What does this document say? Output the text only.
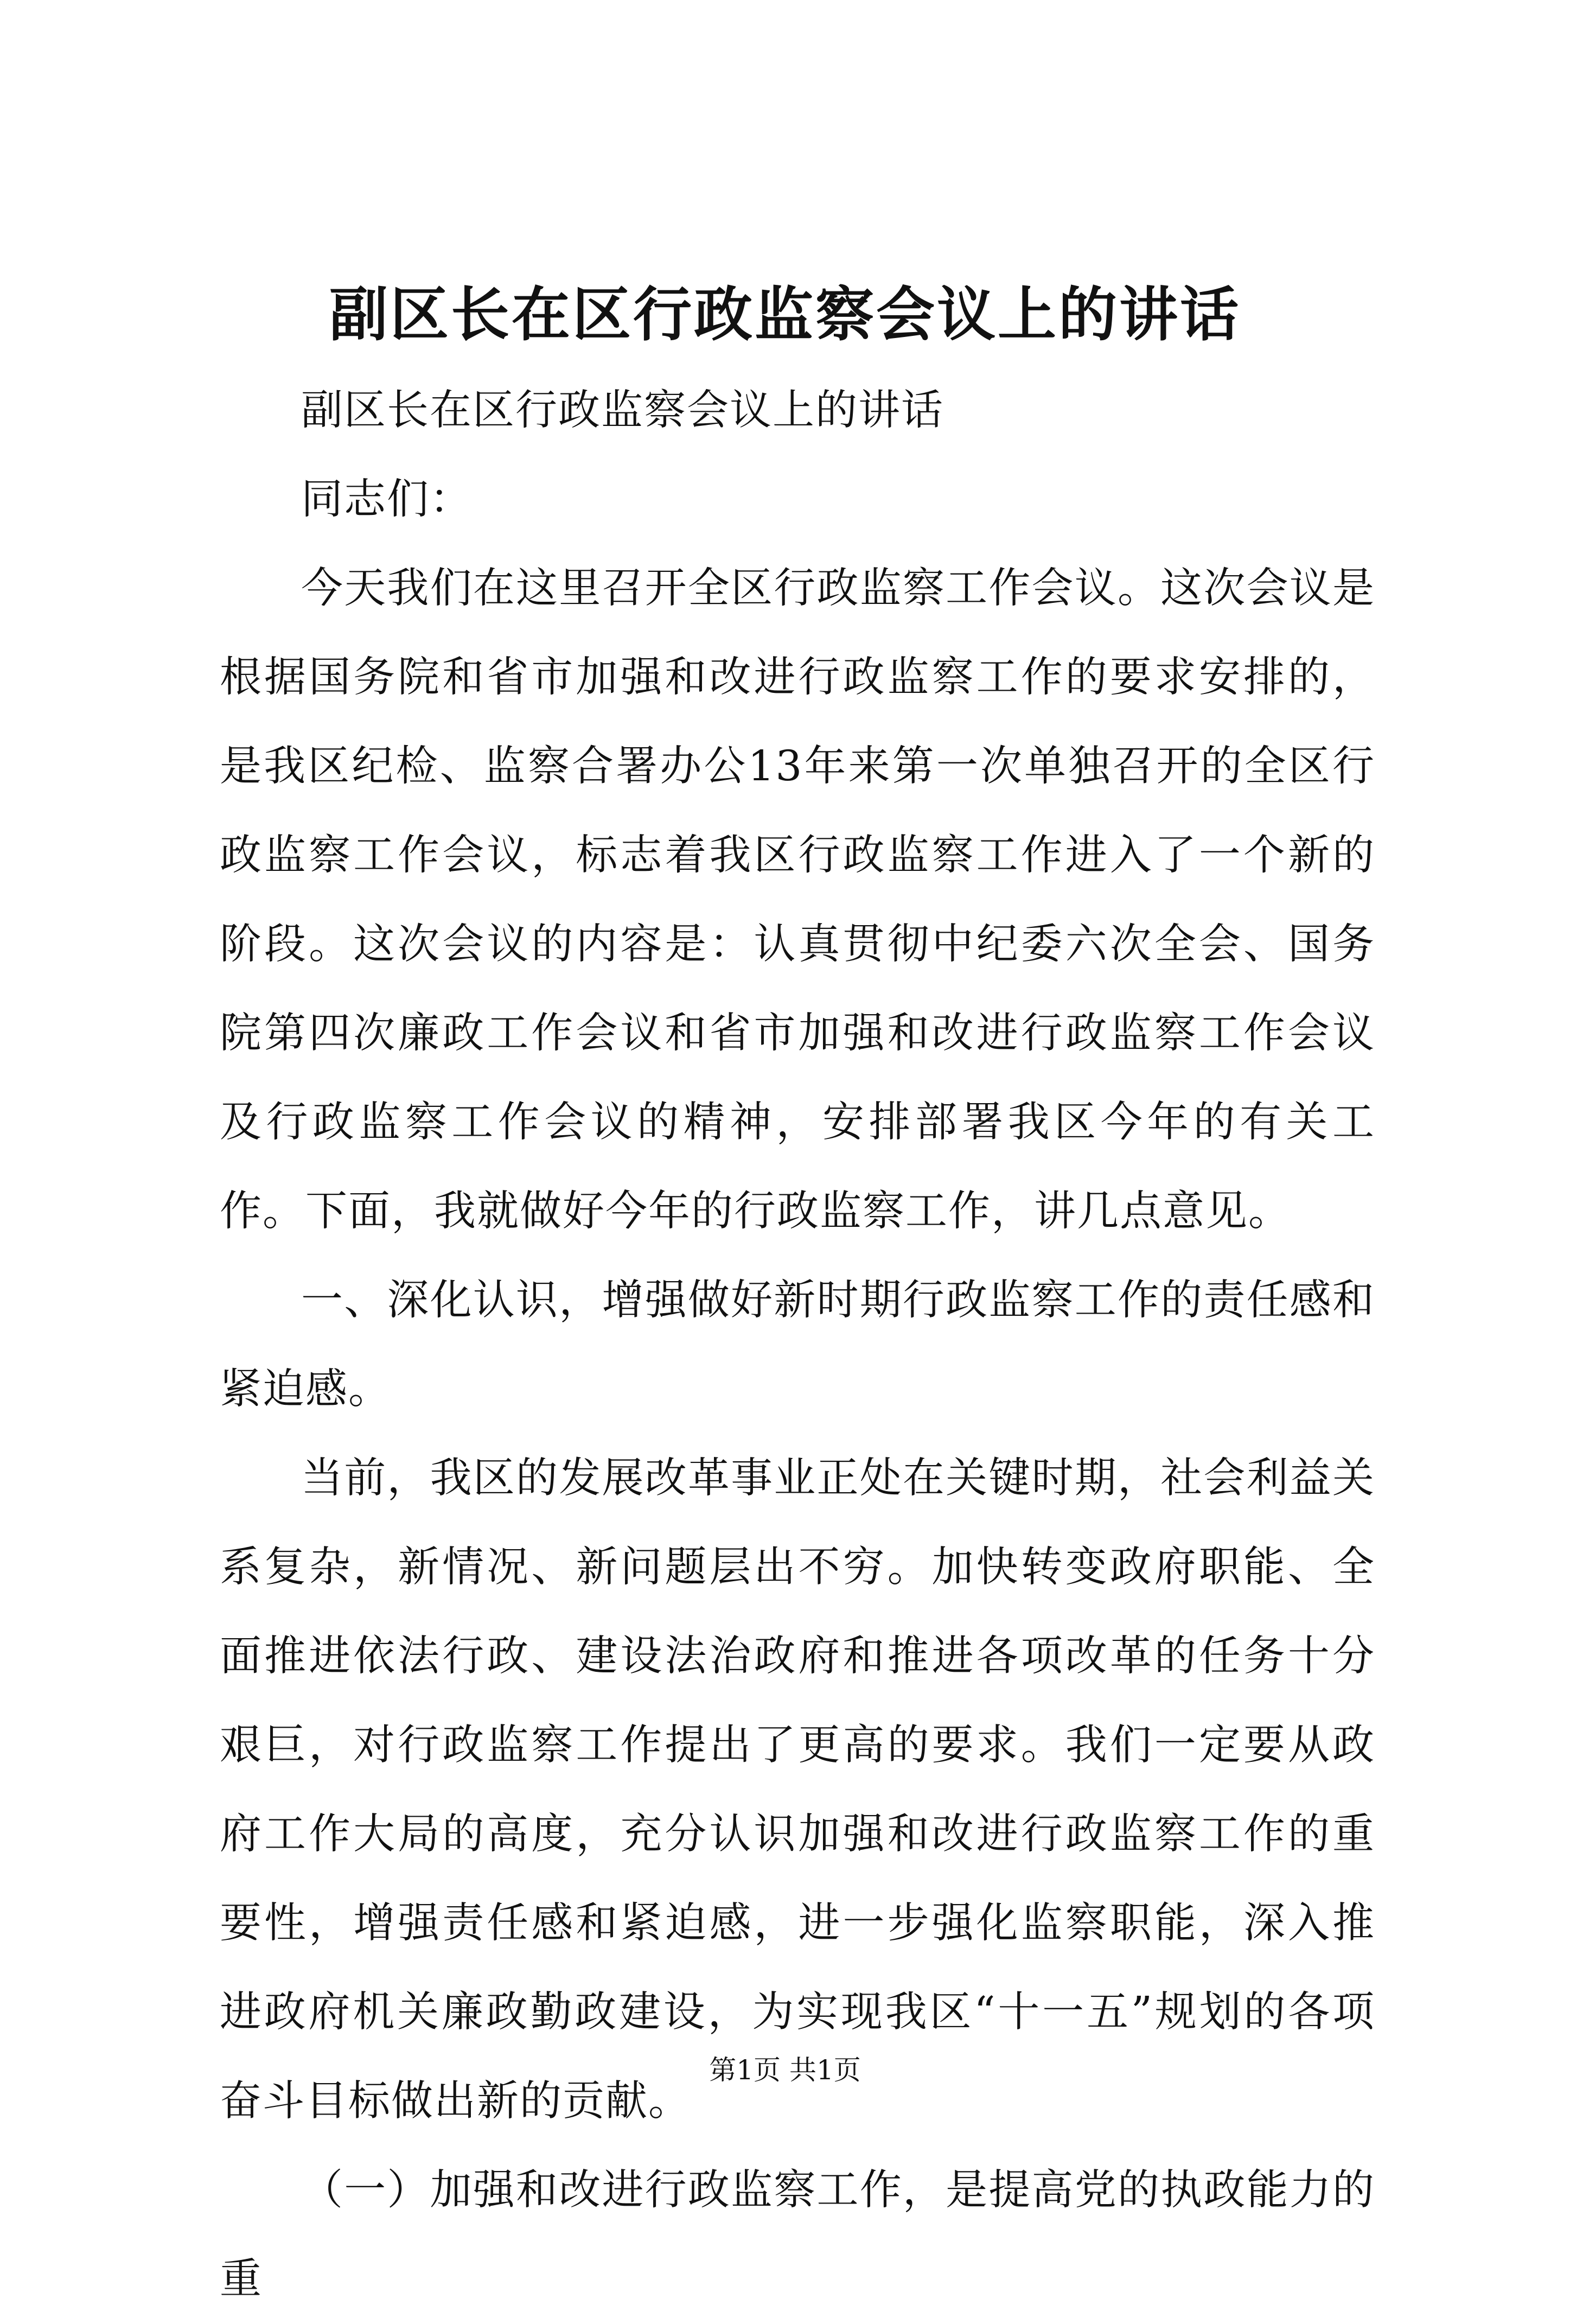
副区长在区行政监察会议上的讲话

副区长在区行政监察会议上的讲话

同志们：

今天我们在这里召开全区行政监察工作会议。这次会议是根据国务院和省市加强和改进行政监察工作的要求安排的，是我区纪检、监察合署办公13年来第一次单独召开的全区行政监察工作会议，标志着我区行政监察工作进入了一个新的阶段。这次会议的内容是：认真贯彻中纪委六次全会、国务院第四次廉政工作会议和省市加强和改进行政监察工作会议及行政监察工作会议的精神，安排部署我区今年的有关工作。下面，我就做好今年的行政监察工作，讲几点意见。

一、深化认识，增强做好新时期行政监察工作的责任感和紧迫感。

当前，我区的发展改革事业正处在关键时期，社会利益关系复杂，新情况、新问题层出不穷。加快转变政府职能、全面推进依法行政、建设法治政府和推进各项改革的任务十分艰巨，对行政监察工作提出了更高的要求。我们一定要从政府工作大局的高度，充分认识加强和改进行政监察工作的重要性，增强责任感和紧迫感，进一步强化监察职能，深入推进政府机关廉政勤政建设，为实现我区“十一五”规划的各项奋斗目标做出新的贡献。

（一）加强和改进行政监察工作，是提高党的执政能力的重

第1页 共1页
